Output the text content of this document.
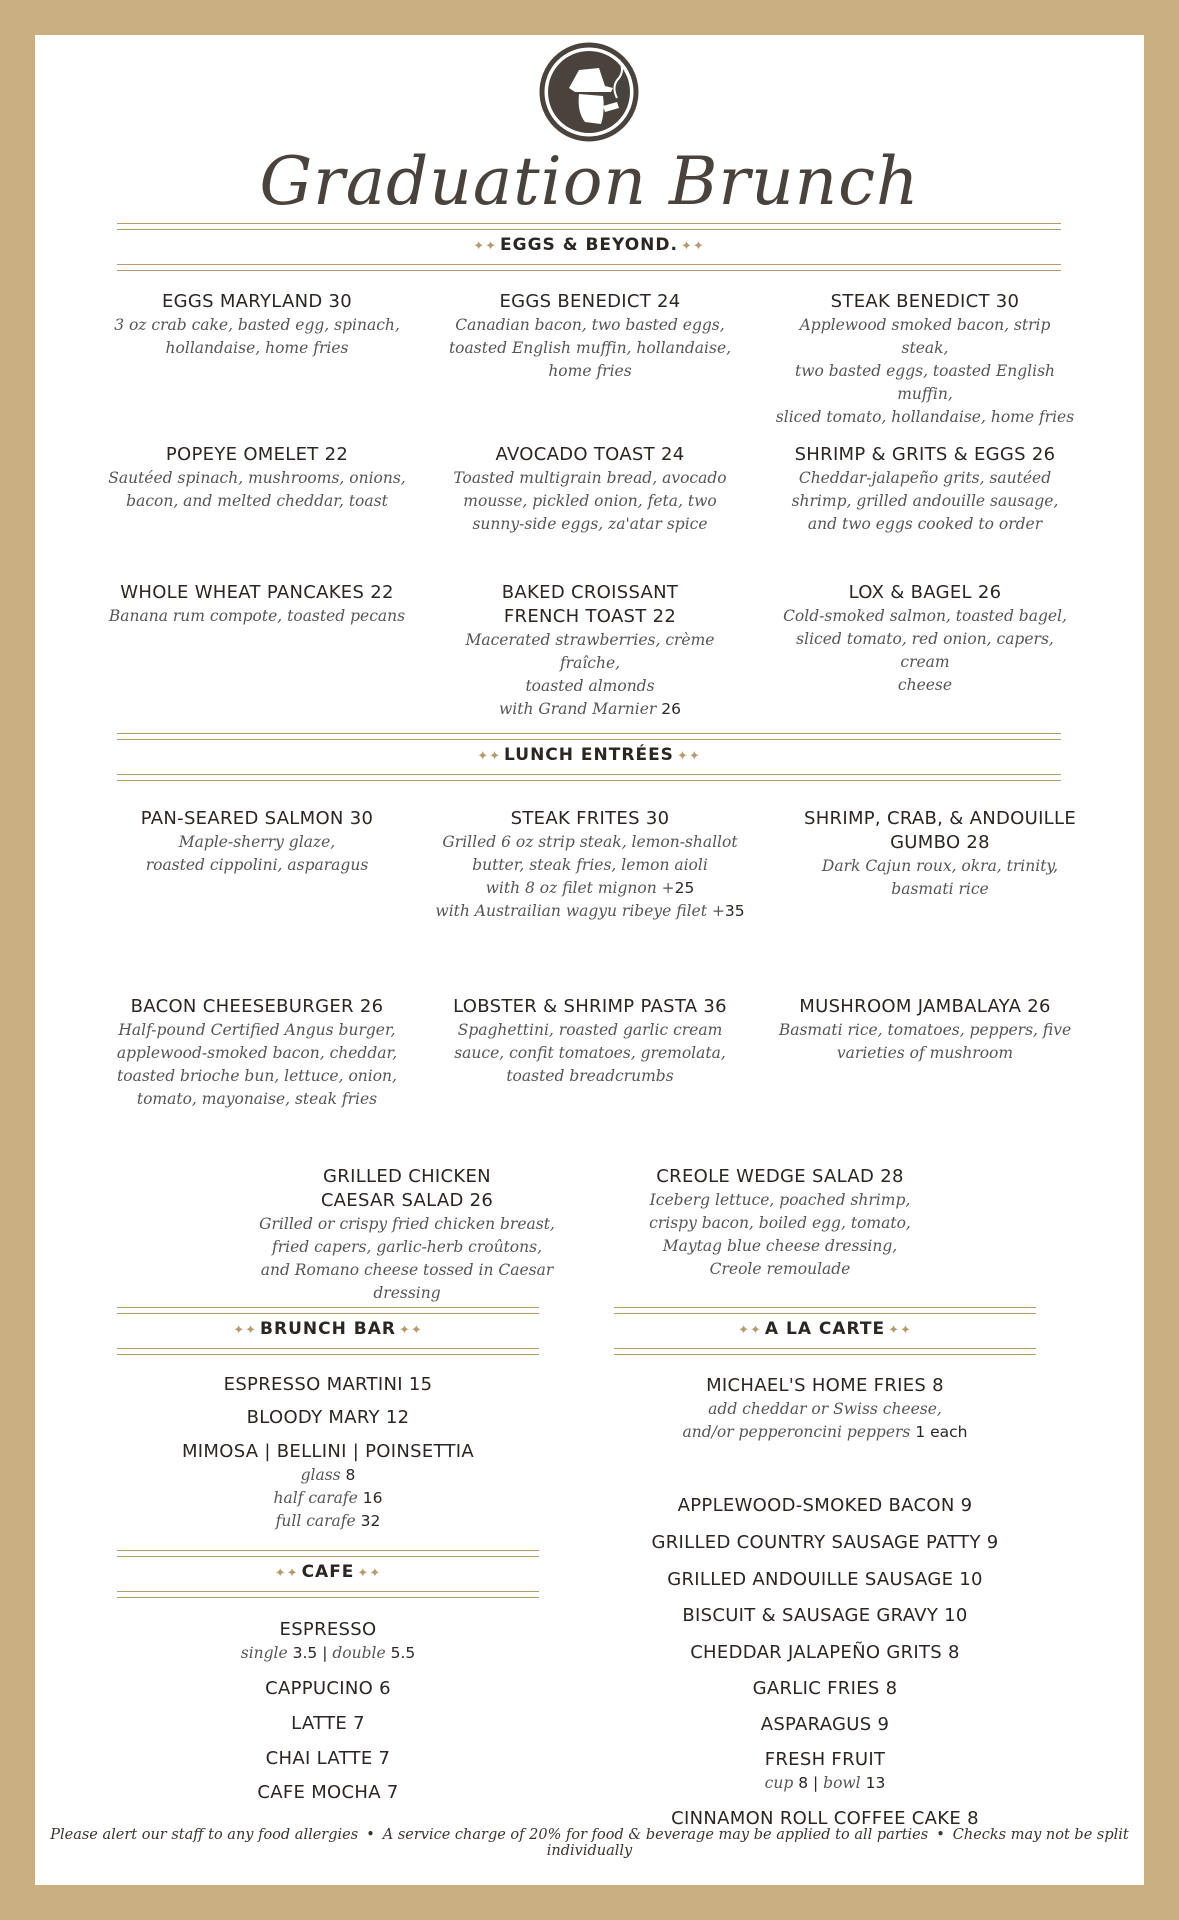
Graduation Brunch
✦✦ EGGS & BEYOND. ✦✦
EGGS MARYLAND 30
3 oz crab cake, basted egg, spinach,
hollandaise, home fries
EGGS BENEDICT 24
Canadian bacon, two basted eggs,
toasted English muffin, hollandaise,
home fries
STEAK BENEDICT 30
Applewood smoked bacon, strip steak,
two basted eggs, toasted English muffin,
sliced tomato, hollandaise, home fries
POPEYE OMELET 22
Sautéed spinach, mushrooms, onions,
bacon, and melted cheddar, toast
AVOCADO TOAST 24
Toasted multigrain bread, avocado
mousse, pickled onion, feta, two
sunny-side eggs, za'atar spice
SHRIMP & GRITS & EGGS 26
Cheddar-jalapeño grits, sautéed
shrimp, grilled andouille sausage,
and two eggs cooked to order
WHOLE WHEAT PANCAKES 22
Banana rum compote, toasted pecans
BAKED CROISSANT
FRENCH TOAST 22
Macerated strawberries, crème fraîche,
toasted almonds
with Grand Marnier 26
LOX & BAGEL 26
Cold-smoked salmon, toasted bagel,
sliced tomato, red onion, capers, cream
cheese
✦✦ LUNCH ENTRÉES ✦✦
PAN-SEARED SALMON 30
Maple-sherry glaze,
roasted cippolini, asparagus
STEAK FRITES 30
Grilled 6 oz strip steak, lemon-shallot
butter, steak fries, lemon aioli
with 8 oz filet mignon +25
with Austrailian wagyu ribeye filet +35
SHRIMP, CRAB, & ANDOUILLE
GUMBO 28
Dark Cajun roux, okra, trinity,
basmati rice
BACON CHEESEBURGER 26
Half-pound Certified Angus burger,
applewood-smoked bacon, cheddar,
toasted brioche bun, lettuce, onion,
tomato, mayonaise, steak fries
LOBSTER & SHRIMP PASTA 36
Spaghettini, roasted garlic cream
sauce, confit tomatoes, gremolata,
toasted breadcrumbs
MUSHROOM JAMBALAYA 26
Basmati rice, tomatoes, peppers, five
varieties of mushroom
GRILLED CHICKEN
CAESAR SALAD 26
Grilled or crispy fried chicken breast,
fried capers, garlic-herb croûtons,
and Romano cheese tossed in Caesar
dressing
CREOLE WEDGE SALAD 28
Iceberg lettuce, poached shrimp,
crispy bacon, boiled egg, tomato,
Maytag blue cheese dressing,
Creole remoulade
✦✦ BRUNCH BAR ✦✦	✦✦ A LA CARTE ✦✦
ESPRESSO MARTINI 15
BLOODY MARY 12
MIMOSA | BELLINI | POINSETTIA
glass 8
half carafe 16
full carafe 32
✦✦ CAFE ✦✦
ESPRESSO
single 3.5 | double 5.5
CAPPUCINO 6
LATTE 7
CHAI LATTE 7
CAFE MOCHA 7
MICHAEL'S HOME FRIES 8
add cheddar or Swiss cheese,
and/or pepperoncini peppers 1 each
APPLEWOOD-SMOKED BACON 9
GRILLED COUNTRY SAUSAGE PATTY 9
GRILLED ANDOUILLE SAUSAGE 10
BISCUIT & SAUSAGE GRAVY 10
CHEDDAR JALAPEÑO GRITS 8
GARLIC FRIES 8
ASPARAGUS 9
FRESH FRUIT
cup 8 | bowl 13
CINNAMON ROLL COFFEE CAKE 8
Please alert our staff to any food allergies • A service charge of 20% for food & beverage may be applied to all parties • Checks may not be split individually
